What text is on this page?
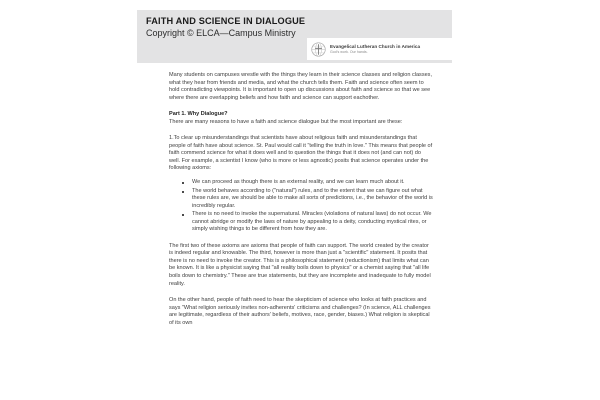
FAITH AND SCIENCE IN DIALOGUE
Copyright © ELCA—Campus Ministry
Evangelical Lutheran Church in America
God's work. Our hands.

Many students on campuses wrestle with the things they learn in their science classes and religion classes, what they hear from friends and media, and what the church tells them. Faith and science often seem to hold contradicting viewpoints. It is important to open up discussions about faith and science so that we see where there are overlapping beliefs and how faith and science can support eachother.

Part 1. Why Dialogue?

There are many reasons to have a faith and science dialogue but the most important are these:

1.To clear up misunderstandings that scientists have about religious faith and misunderstandings that people of faith have about science. St. Paul would call it "telling the truth in love." This means that people of faith commend science for what it does well and to question the things that it does not (and can not) do well. For example, a scientist I know (who is more or less agnostic) posits that science operates under the following axioms:

We can proceed as though there is an external reality, and we can learn much about it.
The world behaves according to ("natural") rules, and to the extent that we can figure out what these rules are, we should be able to make all sorts of predictions, i.e., the behavior of the world is incredibly regular.
There is no need to invoke the supernatural. Miracles (violations of natural laws) do not occur. We cannot abridge or modify the laws of nature by appealing to a deity, conducting mystical rites, or simply wishing things to be different from how they are.

The first two of these axioms are axioms that people of faith can support. The world created by the creator is indeed regular and knowable. The third, however is more than just a "scientific" statement. It posits that there is no need to invoke the creator. This is a philosophical statement (reductionism) that limits what can be known. It is like a physicist saying that "all reality boils down to physics" or a chemist saying that "all life boils down to chemistry." These are true statements, but they are incomplete and inadequate to fully model reality.

On the other hand, people of faith need to hear the skepticism of science who looks at faith practices and says "What religion seriously invites non-adherents' criticisms and challenges? (In science, ALL challenges are legitimate, regardless of their authors' beliefs, motives, race, gender, biases.) What religion is skeptical of its own
